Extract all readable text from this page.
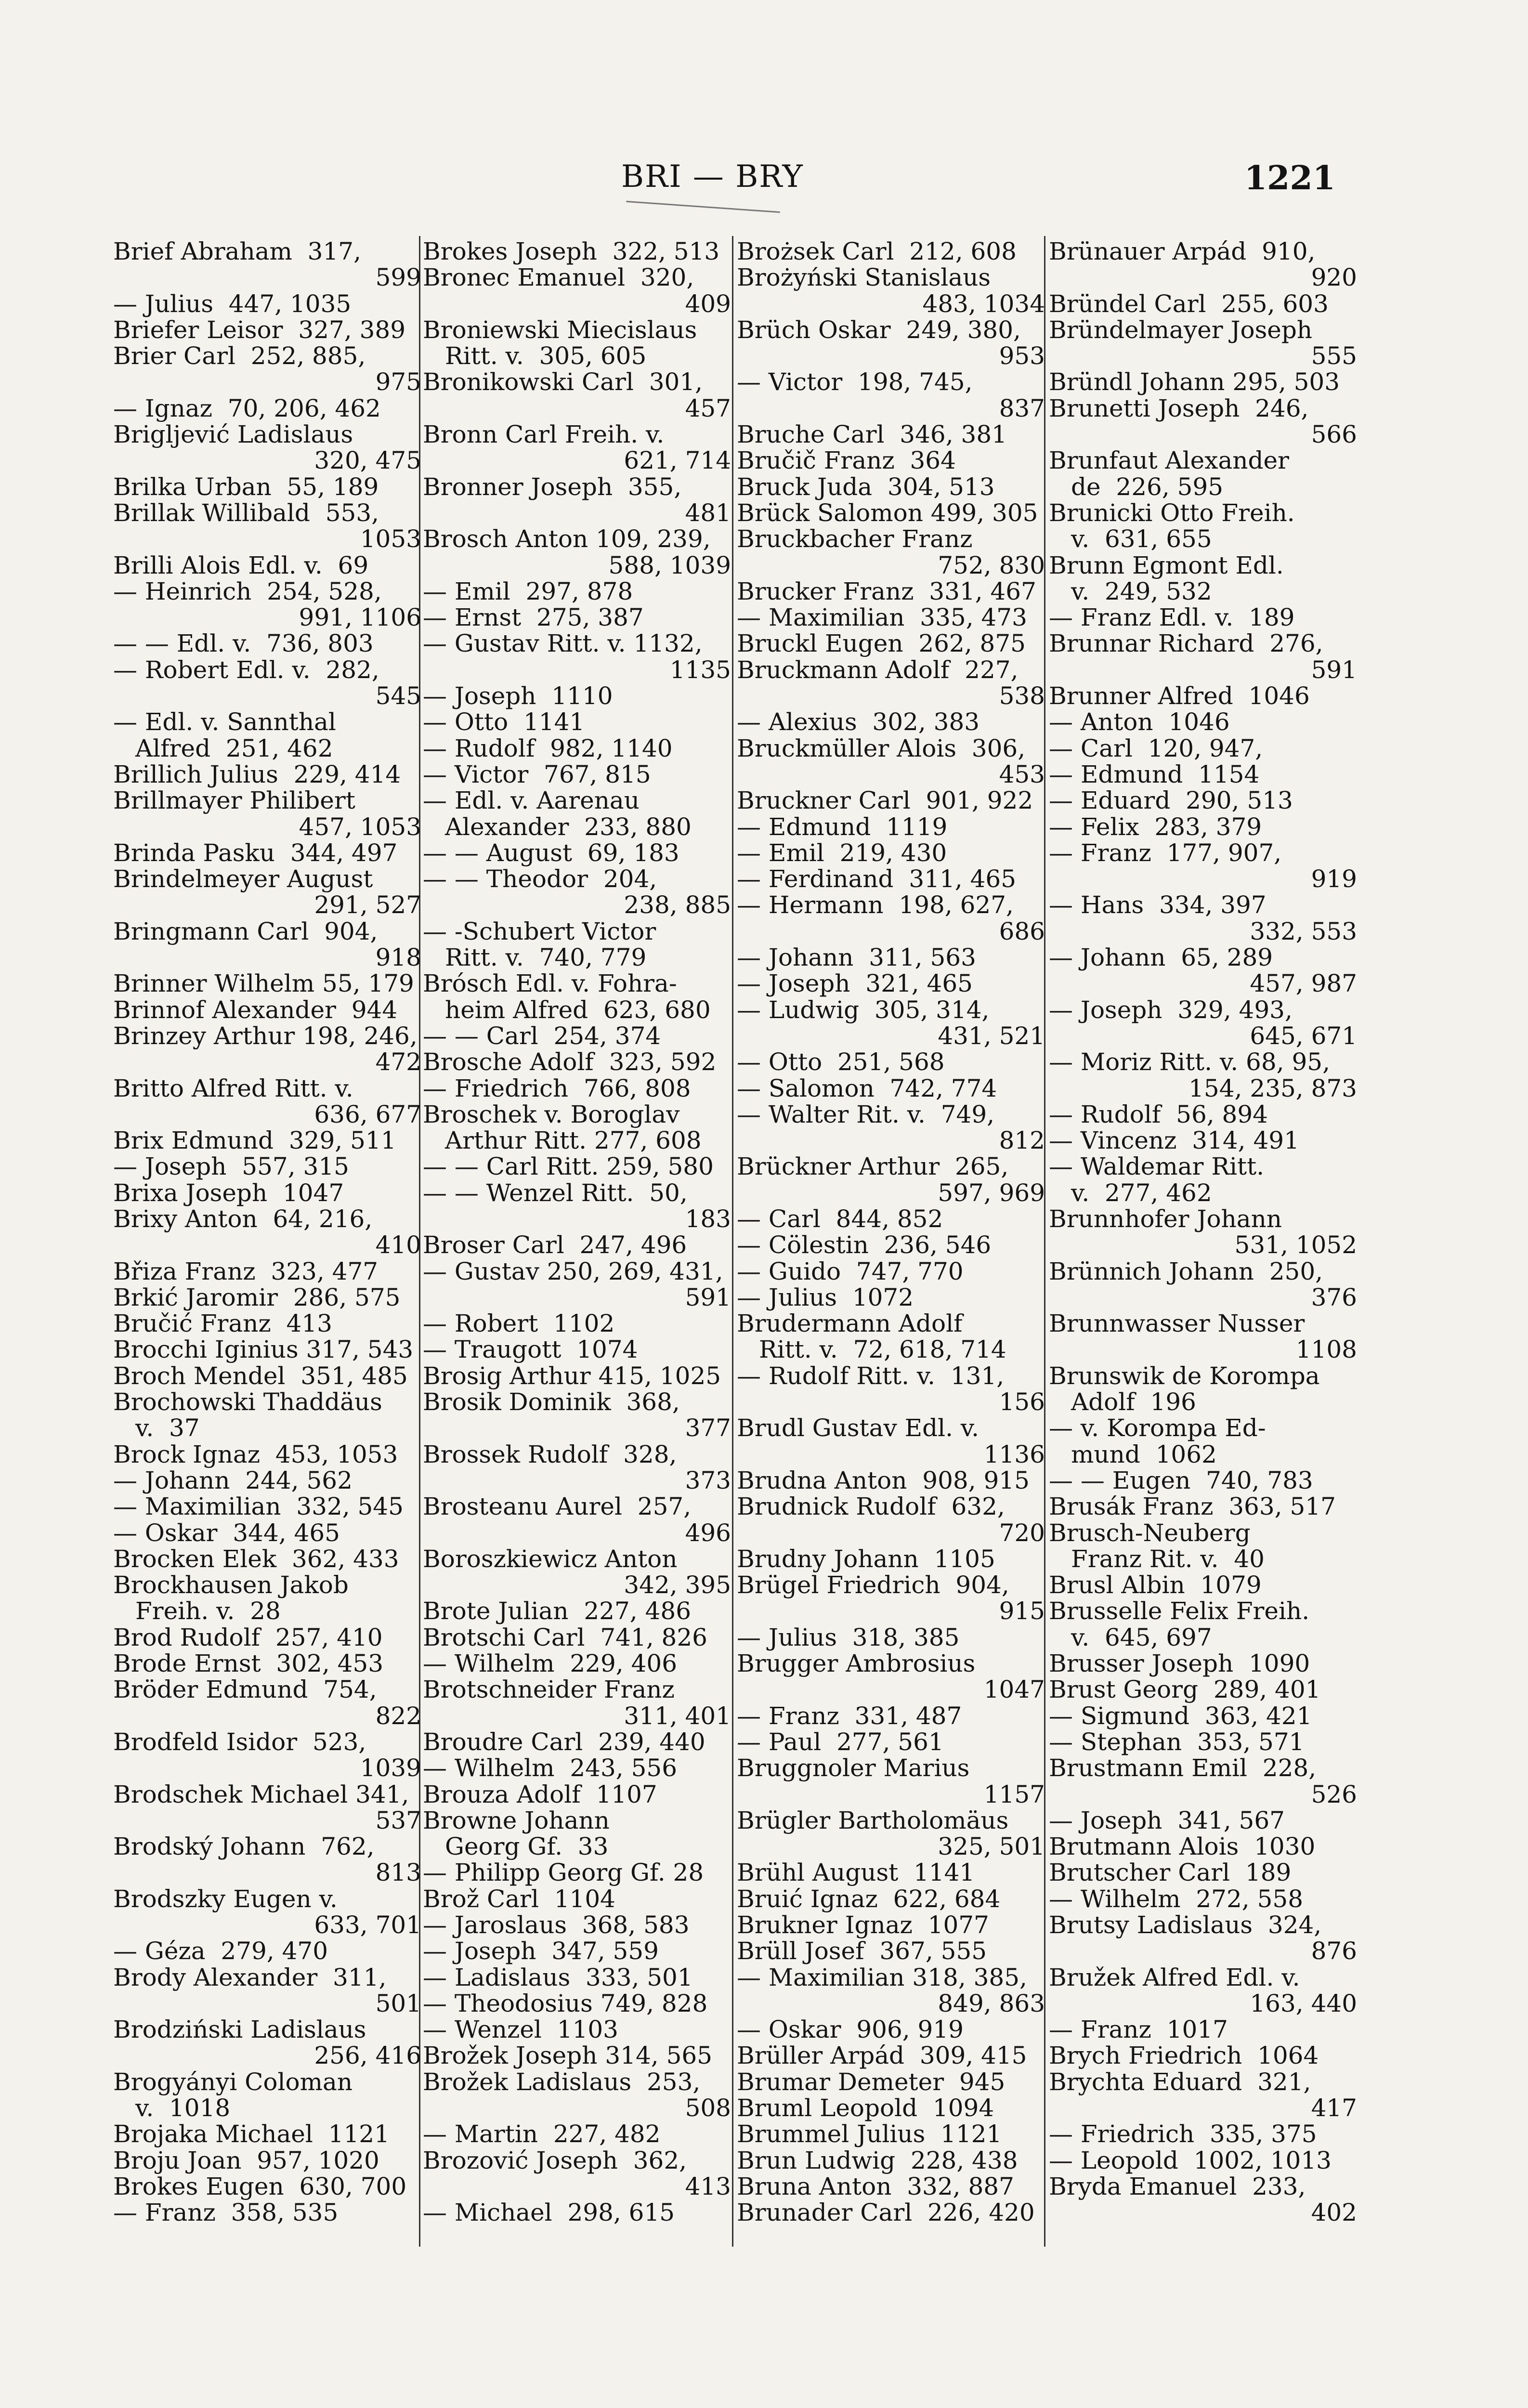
BRI — BRY	1221
Brief Abraham  317,
599
— Julius  447, 1035
Briefer Leisor  327, 389
Brier Carl  252, 885,
975
— Ignaz  70, 206, 462
Brigljević Ladislaus
320, 475
Brilka Urban  55, 189
Brillak Willibald  553,
1053
Brilli Alois Edl. v.  69
— Heinrich  254, 528,
991, 1106
— — Edl. v.  736, 803
— Robert Edl. v.  282,
545
— Edl. v. Sannthal
Alfred  251, 462
Brillich Julius  229, 414
Brillmayer Philibert
457, 1053
Brinda Pasku  344, 497
Brindelmeyer August
291, 527
Bringmann Carl  904,
918
Brinner Wilhelm 55, 179
Brinnof Alexander  944
Brinzey Arthur 198, 246,
472
Britto Alfred Ritt. v.
636, 677
Brix Edmund  329, 511
— Joseph  557, 315
Brixa Joseph  1047
Brixy Anton  64, 216,
410
Břiza Franz  323, 477
Brkić Jaromir  286, 575
Bručić Franz  413
Brocchi Iginius 317, 543
Broch Mendel  351, 485
Brochowski Thaddäus
v.  37
Brock Ignaz  453, 1053
— Johann  244, 562
— Maximilian  332, 545
— Oskar  344, 465
Brocken Elek  362, 433
Brockhausen Jakob
Freih. v.  28
Brod Rudolf  257, 410
Brode Ernst  302, 453
Bröder Edmund  754,
822
Brodfeld Isidor  523,
1039
Brodschek Michael 341,
537
Brodský Johann  762,
813
Brodszky Eugen v.
633, 701
— Géza  279, 470
Brody Alexander  311,
501
Brodziński Ladislaus
256, 416
Brogyányi Coloman
v.  1018
Brojaka Michael  1121
Broju Joan  957, 1020
Brokes Eugen  630, 700
— Franz  358, 535
Brokes Joseph  322, 513
Bronec Emanuel  320,
409
Broniewski Miecislaus
Ritt. v.  305, 605
Bronikowski Carl  301,
457
Bronn Carl Freih. v.
621, 714
Bronner Joseph  355,
481
Brosch Anton 109, 239,
588, 1039
— Emil  297, 878
— Ernst  275, 387
— Gustav Ritt. v. 1132,
1135
— Joseph  1110
— Otto  1141
— Rudolf  982, 1140
— Victor  767, 815
— Edl. v. Aarenau
Alexander  233, 880
— — August  69, 183
— — Theodor  204,
238, 885
— -Schubert Victor
Ritt. v.  740, 779
Brósch Edl. v. Fohra-
heim Alfred  623, 680
— — Carl  254, 374
Brosche Adolf  323, 592
— Friedrich  766, 808
Broschek v. Boroglav
Arthur Ritt. 277, 608
— — Carl Ritt. 259, 580
— — Wenzel Ritt.  50,
183
Broser Carl  247, 496
— Gustav 250, 269, 431,
591
— Robert  1102
— Traugott  1074
Brosig Arthur 415, 1025
Brosik Dominik  368,
377
Brossek Rudolf  328,
373
Brosteanu Aurel  257,
496
Boroszkiewicz Anton
342, 395
Brote Julian  227, 486
Brotschi Carl  741, 826
— Wilhelm  229, 406
Brotschneider Franz
311, 401
Broudre Carl  239, 440
— Wilhelm  243, 556
Brouza Adolf  1107
Browne Johann
Georg Gf.  33
— Philipp Georg Gf. 28
Brož Carl  1104
— Jaroslaus  368, 583
— Joseph  347, 559
— Ladislaus  333, 501
— Theodosius 749, 828
— Wenzel  1103
Brožek Joseph 314, 565
Brožek Ladislaus  253,
508
— Martin  227, 482
Brozović Joseph  362,
413
— Michael  298, 615
Brożsek Carl  212, 608
Brożyński Stanislaus
483, 1034
Brüch Oskar  249, 380,
953
— Victor  198, 745,
837
Bruche Carl  346, 381
Bručič Franz  364
Bruck Juda  304, 513
Brück Salomon 499, 305
Bruckbacher Franz
752, 830
Brucker Franz  331, 467
— Maximilian  335, 473
Bruckl Eugen  262, 875
Bruckmann Adolf  227,
538
— Alexius  302, 383
Bruckmüller Alois  306,
453
Bruckner Carl  901, 922
— Edmund  1119
— Emil  219, 430
— Ferdinand  311, 465
— Hermann  198, 627,
686
— Johann  311, 563
— Joseph  321, 465
— Ludwig  305, 314,
431, 521
— Otto  251, 568
— Salomon  742, 774
— Walter Rit. v.  749,
812
Brückner Arthur  265,
597, 969
— Carl  844, 852
— Cölestin  236, 546
— Guido  747, 770
— Julius  1072
Brudermann Adolf
Ritt. v.  72, 618, 714
— Rudolf Ritt. v.  131,
156
Brudl Gustav Edl. v.
1136
Brudna Anton  908, 915
Brudnick Rudolf  632,
720
Brudny Johann  1105
Brügel Friedrich  904,
915
— Julius  318, 385
Brugger Ambrosius
1047
— Franz  331, 487
— Paul  277, 561
Bruggnoler Marius
1157
Brügler Bartholomäus
325, 501
Brühl August  1141
Bruić Ignaz  622, 684
Brukner Ignaz  1077
Brüll Josef  367, 555
— Maximilian 318, 385,
849, 863
— Oskar  906, 919
Brüller Arpád  309, 415
Brumar Demeter  945
Bruml Leopold  1094
Brummel Julius  1121
Brun Ludwig  228, 438
Bruna Anton  332, 887
Brunader Carl  226, 420
Brünauer Arpád  910,
920
Bründel Carl  255, 603
Bründelmayer Joseph
555
Bründl Johann 295, 503
Brunetti Joseph  246,
566
Brunfaut Alexander
de  226, 595
Brunicki Otto Freih.
v.  631, 655
Brunn Egmont Edl.
v.  249, 532
— Franz Edl. v.  189
Brunnar Richard  276,
591
Brunner Alfred  1046
— Anton  1046
— Carl  120, 947,
— Edmund  1154
— Eduard  290, 513
— Felix  283, 379
— Franz  177, 907,
919
— Hans  334, 397
332, 553
— Johann  65, 289
457, 987
— Joseph  329, 493,
645, 671
— Moriz Ritt. v. 68, 95,
154, 235, 873
— Rudolf  56, 894
— Vincenz  314, 491
— Waldemar Ritt.
v.  277, 462
Brunnhofer Johann
531, 1052
Brünnich Johann  250,
376
Brunnwasser Nusser
1108
Brunswik de Korompa
Adolf  196
— v. Korompa Ed-
mund  1062
— — Eugen  740, 783
Brusák Franz  363, 517
Brusch-Neuberg
Franz Rit. v.  40
Brusl Albin  1079
Brusselle Felix Freih.
v.  645, 697
Brusser Joseph  1090
Brust Georg  289, 401
— Sigmund  363, 421
— Stephan  353, 571
Brustmann Emil  228,
526
— Joseph  341, 567
Brutmann Alois  1030
Brutscher Carl  189
— Wilhelm  272, 558
Brutsy Ladislaus  324,
876
Bružek Alfred Edl. v.
163, 440
— Franz  1017
Brych Friedrich  1064
Brychta Eduard  321,
417
— Friedrich  335, 375
— Leopold  1002, 1013
Bryda Emanuel  233,
402
